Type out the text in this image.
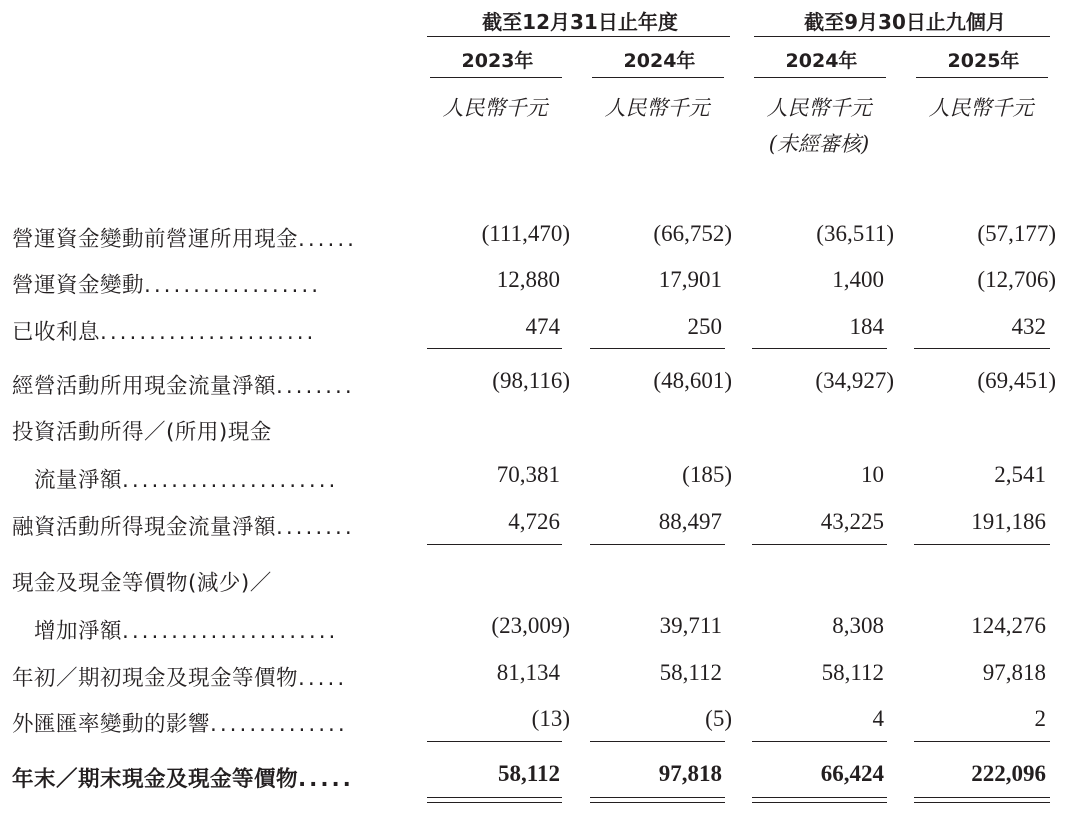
截至12月31日止年度	截至9月30日止九個月
2023年	2024年	2024年	2025年
人民幣千元	人民幣千元	人民幣千元	人民幣千元
(未經審核)
營運資金變動前營運所用現金......	(111,470)	(66,752)	(36,511)	(57,177)
營運資金變動..................	12,880	17,901	1,400	(12,706)
已收利息......................	474	250	184	432
經營活動所用現金流量淨額........	(98,116)	(48,601)	(34,927)	(69,451)
投資活動所得／(所用)現金
流量淨額......................	70,381	(185)	10	2,541
融資活動所得現金流量淨額........	4,726	88,497	43,225	191,186
現金及現金等價物(減少)／
增加淨額......................	(23,009)	39,711	8,308	124,276
年初／期初現金及現金等價物.....	81,134	58,112	58,112	97,818
外匯匯率變動的影響..............	(13)	(5)	4	2
年末／期末現金及現金等價物.....	58,112	97,818	66,424	222,096
